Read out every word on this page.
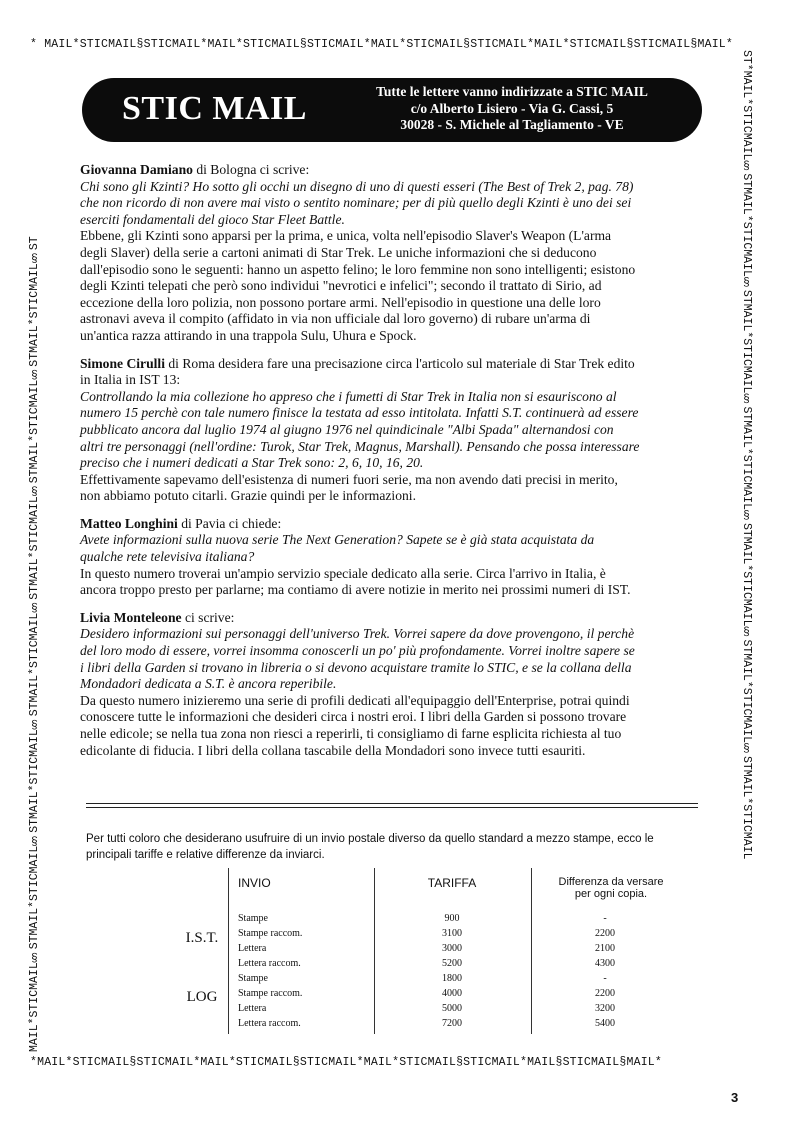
* MAIL*STICMAIL§STICMAIL*MAIL*STICMAIL§STICMAIL*MAIL*STICMAIL§STICMAIL*MAIL*STICMAIL§STICMAIL§MAIL*
MAIL*STICMAIL§STMAIL*STICMAIL§STMAIL*STICMAIL§STMAIL*STICMAIL§STMAIL*STICMAIL§STMAIL*STICMAIL§STMAIL*STICMAIL§ST	ST*MAIL*STICMAIL§STMAIL*STICMAIL§STMAIL*STICMAIL§STMAIL*STICMAIL§STMAIL*STICMAIL§STMAIL*STICMAIL§STMAIL*STICMAIL
*MAIL*STICMAIL§STICMAIL*MAIL*STICMAIL§STICMAIL*MAIL*STICMAIL§STICMAIL*MAIL§STICMAIL§MAIL*
STIC MAIL	Tutte le lettere vanno indirizzate a STIC MAIL
c/o Alberto Lisiero - Via G. Cassi, 5
30028 - S. Michele al Tagliamento - VE

Giovanna Damiano di Bologna ci scrive:

Chi sono gli Kzinti? Ho sotto gli occhi un disegno di uno di questi esseri (The Best of Trek 2, pag. 78) che non ricordo di non avere mai visto o sentito nominare; per di più quello degli Kzinti è uno dei sei eserciti fondamentali del gioco Star Fleet Battle.

Ebbene, gli Kzinti sono apparsi per la prima, e unica, volta nell'episodio Slaver's Weapon (L'arma degli Slaver) della serie a cartoni animati di Star Trek. Le uniche informazioni che si deducono dall'episodio sono le seguenti: hanno un aspetto felino; le loro femmine non sono intelligenti; esistono degli Kzinti telepati che però sono individui "nevrotici e infelici"; secondo il trattato di Sirio, ad eccezione della loro polizia, non possono portare armi. Nell'episodio in questione una delle loro astronavi aveva il compito (affidato in via non ufficiale dal loro governo) di rubare un'arma di un'antica razza attirando in una trappola Sulu, Uhura e Spock.

Simone Cirulli di Roma desidera fare una precisazione circa l'articolo sul materiale di Star Trek edito in Italia in IST 13:

Controllando la mia collezione ho appreso che i fumetti di Star Trek in Italia non si esauriscono al numero 15 perchè con tale numero finisce la testata ad esso intitolata. Infatti S.T. continuerà ad essere pubblicato ancora dal luglio 1974 al giugno 1976 nel quindicinale "Albi Spada" alternandosi con altri tre personaggi (nell'ordine: Turok, Star Trek, Magnus, Marshall). Pensando che possa interessare preciso che i numeri dedicati a Star Trek sono: 2, 6, 10, 16, 20.

Effettivamente sapevamo dell'esistenza di numeri fuori serie, ma non avendo dati precisi in merito, non abbiamo potuto citarli. Grazie quindi per le informazioni.

Matteo Longhini di Pavia ci chiede:

Avete informazioni sulla nuova serie The Next Generation? Sapete se è già stata acquistata da qualche rete televisiva italiana?

In questo numero troverai un'ampio servizio speciale dedicato alla serie. Circa l'arrivo in Italia, è ancora troppo presto per parlarne; ma contiamo di avere notizie in merito nei prossimi numeri di IST.

Livia Monteleone ci scrive:

Desidero informazioni sui personaggi dell'universo Trek. Vorrei sapere da dove provengono, il perchè del loro modo di essere, vorrei insomma conoscerli un po' più profondamente. Vorrei inoltre sapere se i libri della Garden si trovano in libreria o si devono acquistare tramite lo STIC, e se la collana della Mondadori dedicata a S.T. è ancora reperibile.

Da questo numero inizieremo una serie di profili dedicati all'equipaggio dell'Enterprise, potrai quindi conoscere tutte le informazioni che desideri circa i nostri eroi. I libri della Garden si possono trovare nelle edicole; se nella tua zona non riesci a reperirli, ti consigliamo di farne esplicita richiesta al tuo edicolante di fiducia. I libri della collana tascabile della Mondadori sono invece tutti esauriti.

Per tutti coloro che desiderano usufruire di un invio postale diverso da quello standard a mezzo stampe, ecco le principali tariffe e relative differenze da inviarci.
INVIO	TARIFFA	Differenza da versare
per ogni copia.
I.S.T.
Stampe	900	-
Stampe raccom.	3100	2200
Lettera	3000	2100
Lettera raccom.	5200	4300
LOG
Stampe	1800	-
Stampe raccom.	4000	2200
Lettera	5000	3200
Lettera raccom.	7200	5400
3
